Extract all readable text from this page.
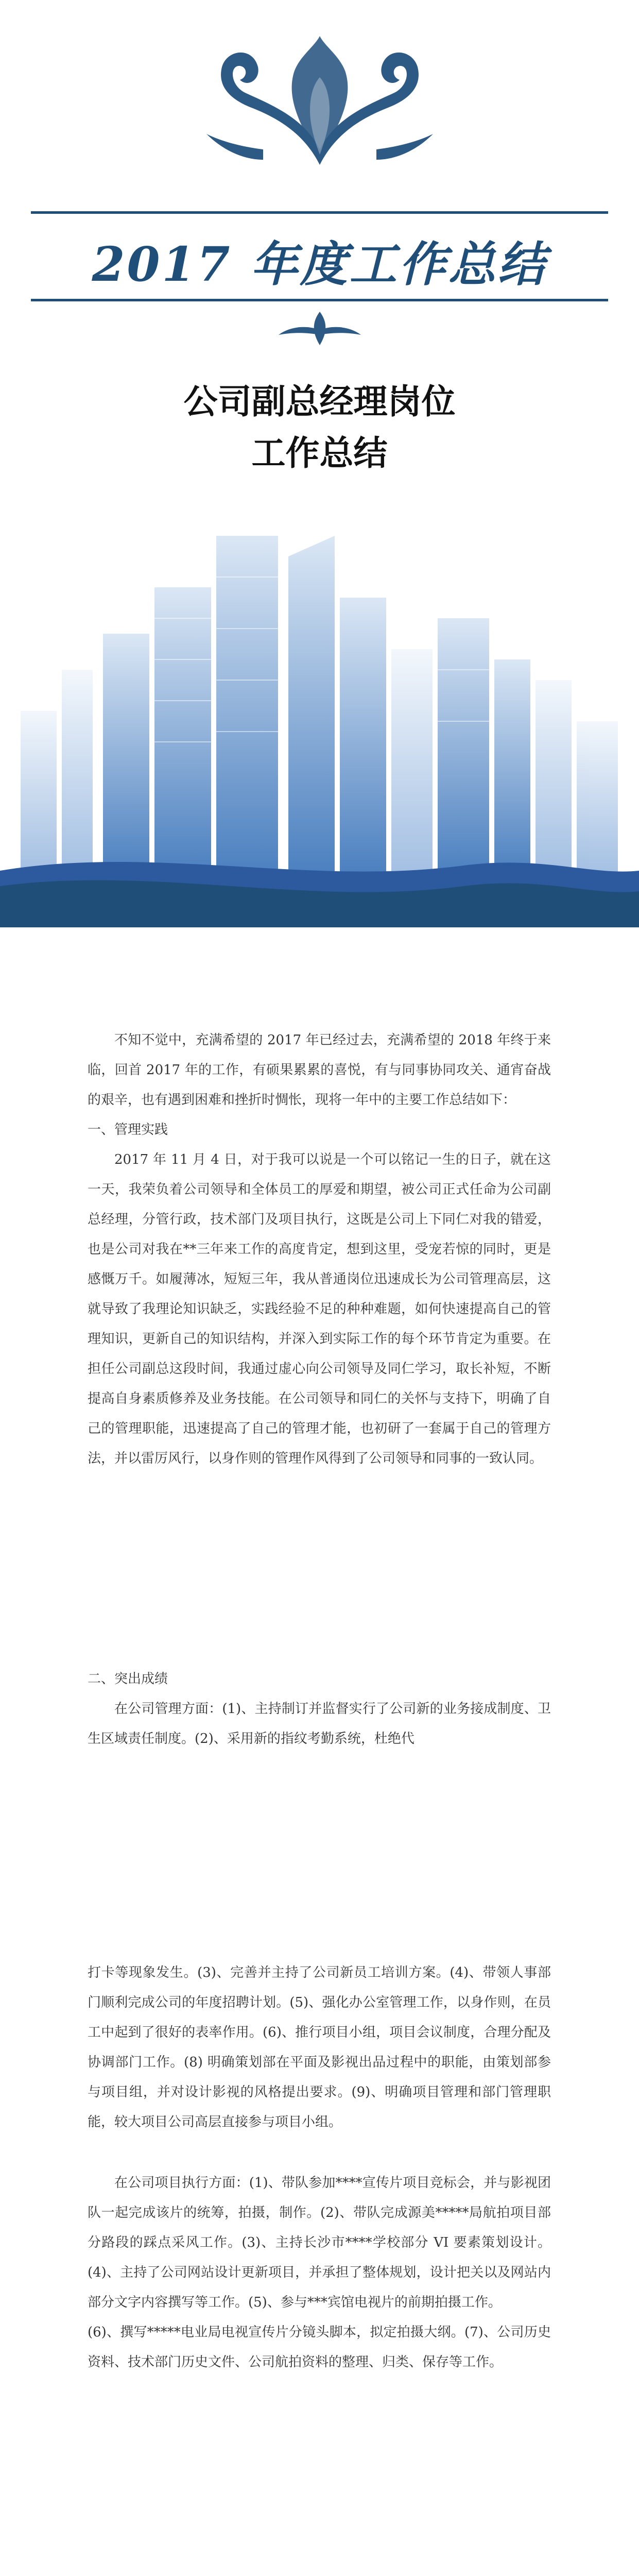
2017 年度工作总结
公司副总经理岗位
工作总结

不知不觉中，充满希望的 2017 年已经过去，充满希望的 2018 年终于来临，回首 2017 年的工作，有硕果累累的喜悦，有与同事协同攻关、通宵奋战的艰辛，也有遇到困难和挫折时惆怅，现将一年中的主要工作总结如下：

一、管理实践

2017 年 11 月 4 日，对于我可以说是一个可以铭记一生的日子，就在这一天，我荣负着公司领导和全体员工的厚爱和期望，被公司正式任命为公司副总经理，分管行政，技术部门及项目执行，这既是公司上下同仁对我的错爱，也是公司对我在**三年来工作的高度肯定，想到这里，受宠若惊的同时，更是感慨万千。如履薄冰，短短三年，我从普通岗位迅速成长为公司管理高层，这就导致了我理论知识缺乏，实践经验不足的种种难题，如何快速提高自己的管理知识，更新自己的知识结构，并深入到实际工作的每个环节肯定为重要。在担任公司副总这段时间，我通过虚心向公司领导及同仁学习，取长补短，不断提高自身素质修养及业务技能。在公司领导和同仁的关怀与支持下，明确了自己的管理职能，迅速提高了自己的管理才能，也初研了一套属于自己的管理方法，并以雷厉风行，以身作则的管理作风得到了公司领导和同事的一致认同。

二、突出成绩

在公司管理方面：(1)、主持制订并监督实行了公司新的业务接成制度、卫生区域责任制度。(2)、采用新的指纹考勤系统，杜绝代

打卡等现象发生。(3)、完善并主持了公司新员工培训方案。(4)、带领人事部门顺利完成公司的年度招聘计划。(5)、强化办公室管理工作，以身作则，在员工中起到了很好的表率作用。(6)、推行项目小组，项目会议制度，合理分配及协调部门工作。(8) 明确策划部在平面及影视出品过程中的职能，由策划部参与项目组，并对设计影视的风格提出要求。(9)、明确项目管理和部门管理职能，较大项目公司高层直接参与项目小组。

在公司项目执行方面：(1)、带队参加****宣传片项目竞标会，并与影视团队一起完成该片的统筹，拍摄，制作。(2)、带队完成源美*****局航拍项目部分路段的踩点采风工作。(3)、主持长沙市****学校部分 VI 要素策划设计。(4)、主持了公司网站设计更新项目，并承担了整体规划，设计把关以及网站内部分文字内容撰写等工作。(5)、参与***宾馆电视片的前期拍摄工作。

(6)、撰写*****电业局电视宣传片分镜头脚本，拟定拍摄大纲。(7)、公司历史资料、技术部门历史文件、公司航拍资料的整理、归类、保存等工作。
